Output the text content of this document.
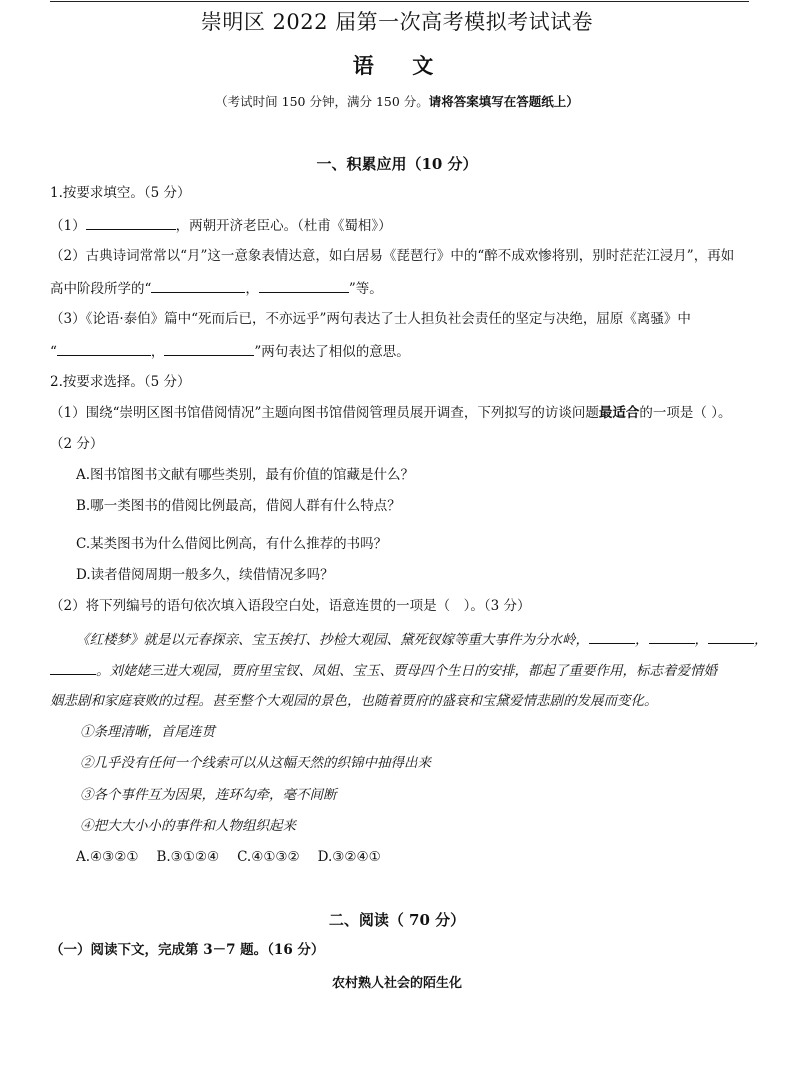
崇明区 2022 届第一次高考模拟考试试卷
语  文
（考试时间 150 分钟，满分 150 分。请将答案填写在答题纸上）
一、积累应用（10 分）
1.按要求填空。（5 分）
（1）	，两朝开济老臣心。（杜甫《蜀相》）
（2）古典诗词常常以“月”这一意象表情达意，如白居易《琵琶行》中的“醉不成欢惨将别，别时茫茫江浸月”，再如
高中阶段所学的“	，	”等。
（3）《论语·泰伯》篇中“死而后已，不亦远乎”两句表达了士人担负社会责任的坚定与决绝，屈原《离骚》中
“	，	”两句表达了相似的意思。
2.按要求选择。（5 分）
（1）围绕“崇明区图书馆借阅情况”主题向图书馆借阅管理员展开调查，下列拟写的访谈问题最适合的一项是（ ）。
（2 分）
A.图书馆图书文献有哪些类别，最有价值的馆藏是什么？
B.哪一类图书的借阅比例最高，借阅人群有什么特点？
C.某类图书为什么借阅比例高，有什么推荐的书吗？
D.读者借阅周期一般多久，续借情况多吗？
（2）将下列编号的语句依次填入语段空白处，语意连贯的一项是（　）。（3 分）
《红楼梦》就是以元春探亲、宝玉挨打、抄检大观园、黛死钗嫁等重大事件为分水岭，	，	，	，
。刘姥姥三进大观园，贾府里宝钗、凤姐、宝玉、贾母四个生日的安排，都起了重要作用，标志着爱情婚
姻悲剧和家庭衰败的过程。甚至整个大观园的景色，也随着贾府的盛衰和宝黛爱情悲剧的发展而变化。
①条理清晰，首尾连贯
②几乎没有任何一个线索可以从这幅天然的织锦中抽得出来
③各个事件互为因果，连环勾牵，毫不间断
④把大大小小的事件和人物组织起来
A.④③②① B.③①②④ C.④①③② D.③②④①
二、阅读（ 70 分）
（一）阅读下文，完成第 3－7 题。（16 分）
农村熟人社会的陌生化
